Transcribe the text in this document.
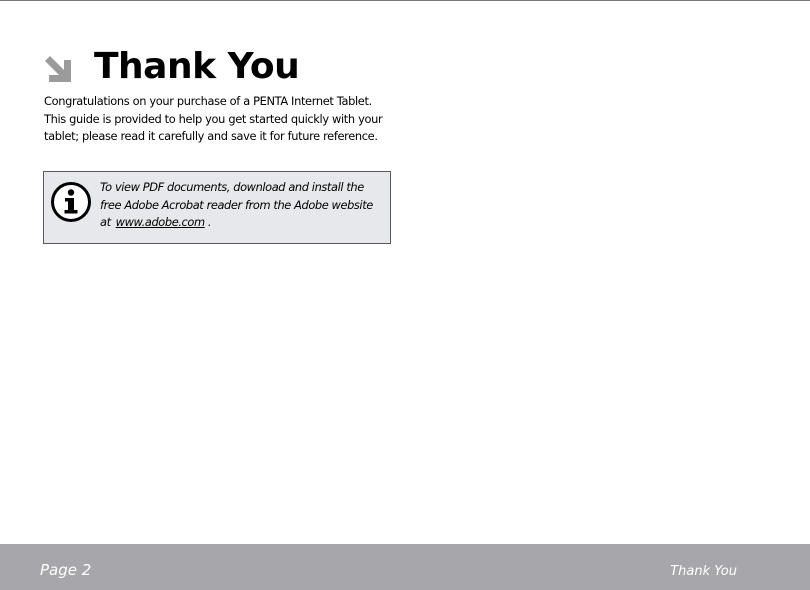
Thank You

Congratulations on your purchase of a PENTA Internet Tablet. This guide is provided to help you get started quickly with your tablet; please read it carefully and save it for future reference.

To view PDF documents, download and install the free Adobe Acrobat reader from the Adobe website at www.adobe.com .

Page 2	Thank You
